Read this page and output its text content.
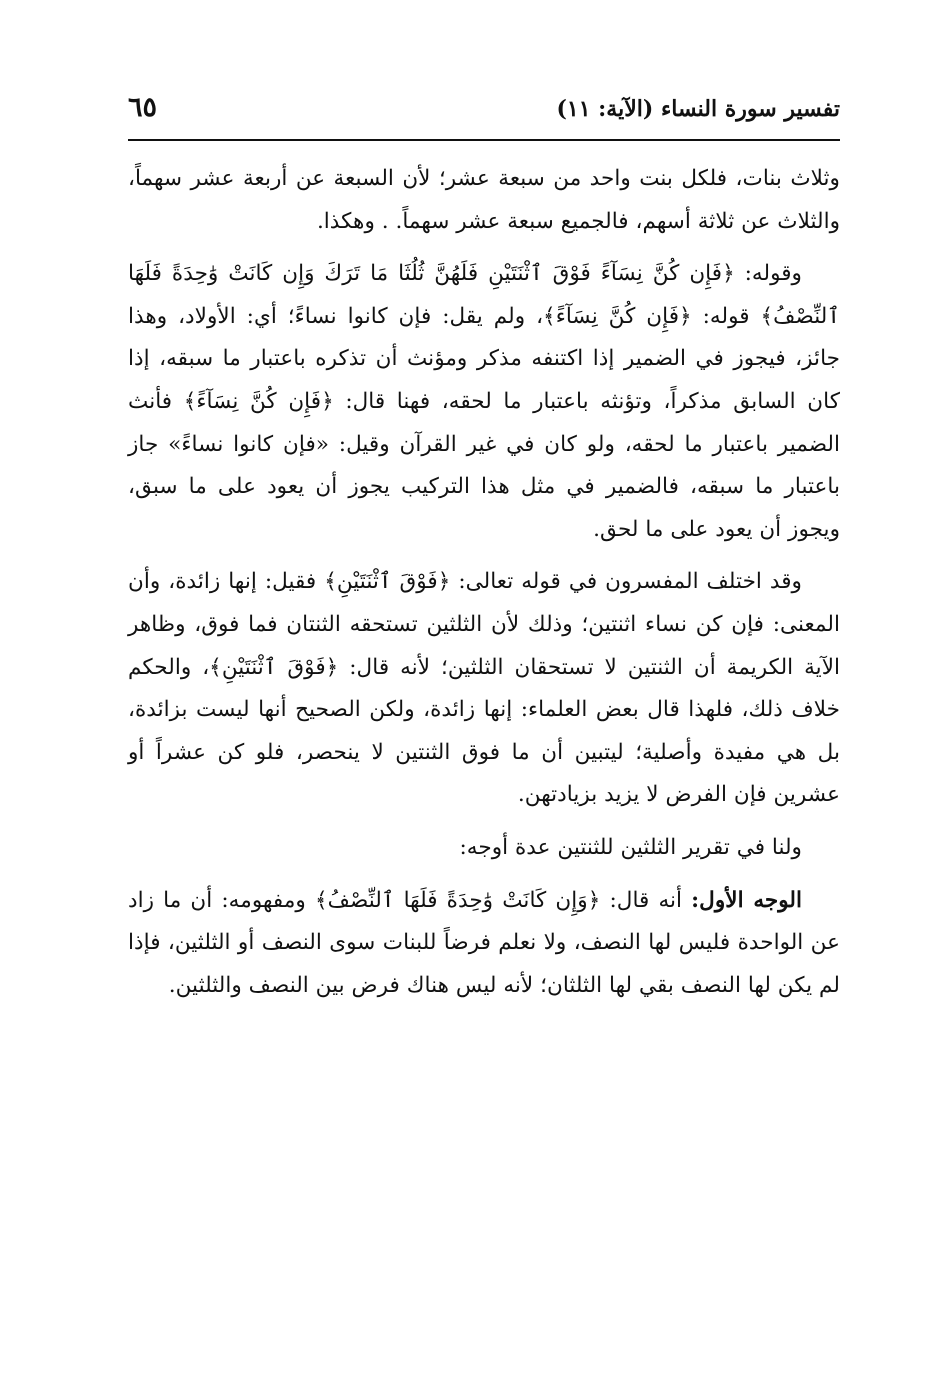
تفسير سورة النساء (الآية: ١١)
٦٥

وثلاث بنات، فلكل بنت واحد من سبعة عشر؛ لأن السبعة عن أربعة عشر سهماً، والثلاث عن ثلاثة أسهم، فالجميع سبعة عشر سهماً. . وهكذا.

وقوله: ﴿فَإِن كُنَّ نِسَآءً فَوْقَ ٱثْنَتَيْنِ فَلَهُنَّ ثُلُثَا مَا تَرَكَ وَإِن كَانَتْ وَٰحِدَةً فَلَهَا ٱلنِّصْفُ﴾ قوله: ﴿فَإِن كُنَّ نِسَآءً﴾، ولم يقل: فإن كانوا نساءً؛ أي: الأولاد، وهذا جائز، فيجوز في الضمير إذا اكتنفه مذكر ومؤنث أن تذكره باعتبار ما سبقه، إذا كان السابق مذكراً، وتؤنثه باعتبار ما لحقه، فهنا قال: ﴿فَإِن كُنَّ نِسَآءً﴾ فأنث الضمير باعتبار ما لحقه، ولو كان في غير القرآن وقيل: «فإن كانوا نساءً» جاز باعتبار ما سبقه، فالضمير في مثل هذا التركيب يجوز أن يعود على ما سبق، ويجوز أن يعود على ما لحق.

وقد اختلف المفسرون في قوله تعالى: ﴿فَوْقَ ٱثْنَتَيْنِ﴾ فقيل: إنها زائدة، وأن المعنى: فإن كن نساء اثنتين؛ وذلك لأن الثلثين تستحقه الثنتان فما فوق، وظاهر الآية الكريمة أن الثنتين لا تستحقان الثلثين؛ لأنه قال: ﴿فَوْقَ ٱثْنَتَيْنِ﴾، والحكم خلاف ذلك، فلهذا قال بعض العلماء: إنها زائدة، ولكن الصحيح أنها ليست بزائدة، بل هي مفيدة وأصلية؛ ليتبين أن ما فوق الثنتين لا ينحصر، فلو كن عشراً أو عشرين فإن الفرض لا يزيد بزيادتهن.

ولنا في تقرير الثلثين للثنتين عدة أوجه:

الوجه الأول: أنه قال: ﴿وَإِن كَانَتْ وَٰحِدَةً فَلَهَا ٱلنِّصْفُ﴾ ومفهومه: أن ما زاد عن الواحدة فليس لها النصف، ولا نعلم فرضاً للبنات سوى النصف أو الثلثين، فإذا لم يكن لها النصف بقي لها الثلثان؛ لأنه ليس هناك فرض بين النصف والثلثين.
